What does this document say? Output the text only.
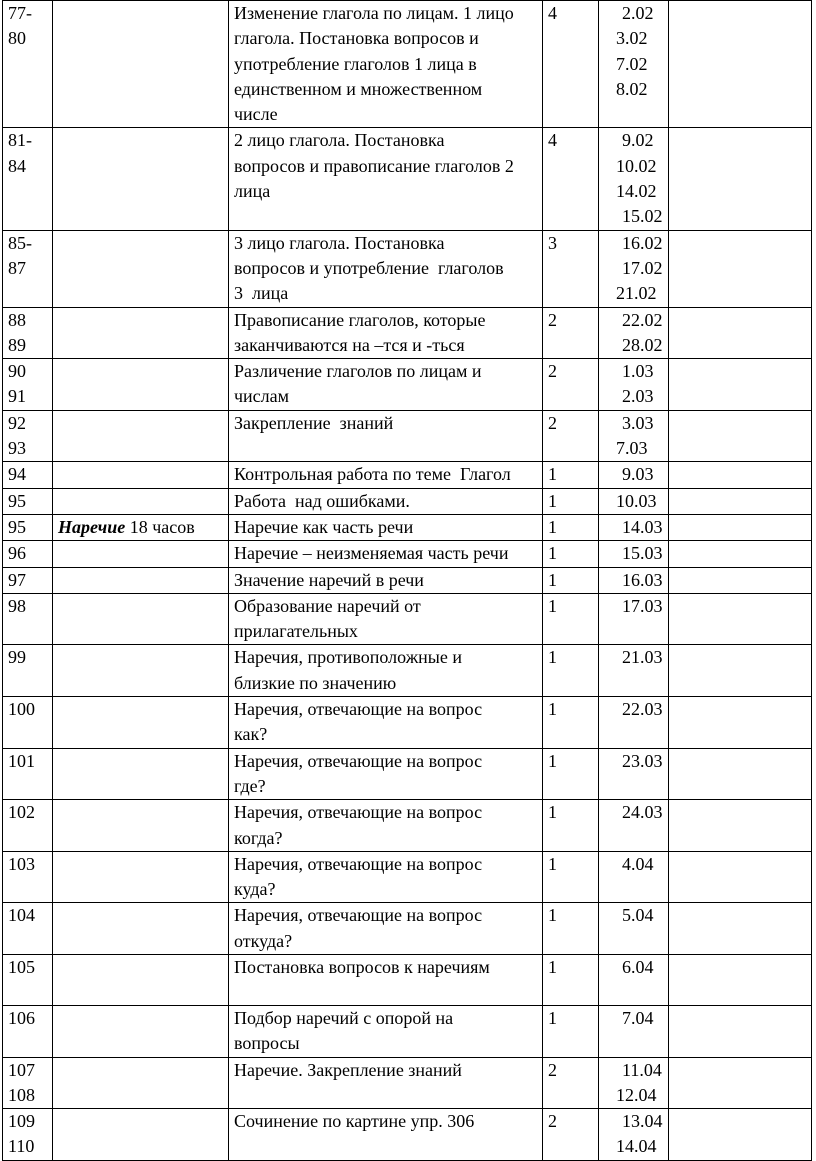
77-
80		Изменение глагола по лицам. 1 лицо
глагола. Постановка вопросов и
употребление глаголов 1 лица в
единственном и множественном
числе	4	2.02
3.02
7.02
8.02	

81-
84		2 лицо глагола. Постановка
вопросов и правописание глаголов 2
лица	4	9.02
10.02
14.02
15.02	

85-
87		3 лицо глагола. Постановка
вопросов и употребление  глаголов
3  лица	3	16.02
17.02
21.02	

88
89		Правописание глаголов, которые
заканчиваются на –тся и -ться	2	22.02
28.02	

90
91		Различение глаголов по лицам и
числам	2	1.03
2.03	

92
93		Закрепление  знаний	2	3.03
7.03	

94		Контрольная работа по теме  Глагол	1	9.03	

95		Работа  над ошибками.	1	10.03	

95	Наречие 18 часов	Наречие как часть речи	1	14.03	

96		Наречие – неизменяемая часть речи	1	15.03	

97		Значение наречий в речи	1	16.03	

98		Образование наречий от
прилагательных	1	17.03	

99		Наречия, противоположные и
близкие по значению	1	21.03	

100		Наречия, отвечающие на вопрос
как?	1	22.03	

101		Наречия, отвечающие на вопрос
где?	1	23.03	

102		Наречия, отвечающие на вопрос
когда?	1	24.03	

103		Наречия, отвечающие на вопрос
куда?	1	4.04	

104		Наречия, отвечающие на вопрос
откуда?	1	5.04	

105		Постановка вопросов к наречиям	1	6.04	

106		Подбор наречий с опорой на
вопросы	1	7.04	

107
108		Наречие. Закрепление знаний	2	11.04
12.04	

109
110		Сочинение по картине упр. 306	2	13.04
14.04	
